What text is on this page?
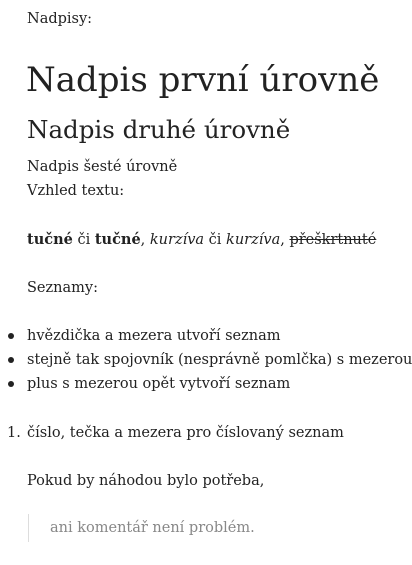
Nadpisy:
Nadpis první úrovně
Nadpis druhé úrovně
Nadpis šesté úrovně
Vzhled textu:
tučné či tučné, kurzíva či kurzíva, přeškrtnuté
Seznamy:
hvězdička a mezera utvoří seznam
stejně tak spojovník (nesprávně pomlčka) s mezerou
plus s mezerou opět vytvoří seznam
1. číslo, tečka a mezera pro číslovaný seznam
Pokud by náhodou bylo potřeba,
ani komentář není problém.
